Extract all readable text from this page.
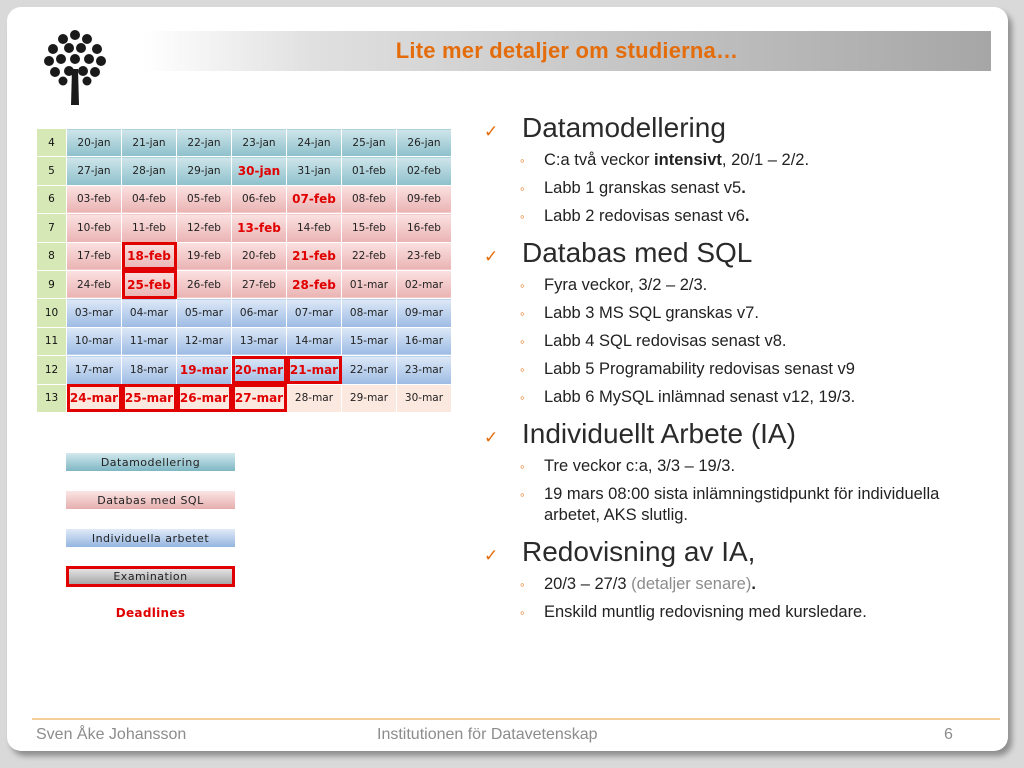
Lite mer detaljer om studierna…
4	20-jan	21-jan	22-jan	23-jan	24-jan	25-jan	26-jan
5	27-jan	28-jan	29-jan	30-jan	31-jan	01-feb	02-feb
6	03-feb	04-feb	05-feb	06-feb	07-feb	08-feb	09-feb
7	10-feb	11-feb	12-feb	13-feb	14-feb	15-feb	16-feb
8	17-feb	18-feb	19-feb	20-feb	21-feb	22-feb	23-feb
9	24-feb	25-feb	26-feb	27-feb	28-feb	01-mar	02-mar
10	03-mar	04-mar	05-mar	06-mar	07-mar	08-mar	09-mar
11	10-mar	11-mar	12-mar	13-mar	14-mar	15-mar	16-mar
12	17-mar	18-mar	19-mar	20-mar	21-mar	22-mar	23-mar
13	24-mar	25-mar	26-mar	27-mar	28-mar	29-mar	30-mar
Datamodellering
Databas med SQL
Individuella arbetet
Examination
Deadlines
✓ Datamodellering
◦ C:a två veckor intensivt, 20/1 – 2/2.
◦ Labb 1 granskas senast v5.
◦ Labb 2 redovisas senast v6.
✓ Databas med SQL
◦ Fyra veckor, 3/2 – 2/3.
◦ Labb 3 MS SQL granskas v7.
◦ Labb 4 SQL redovisas senast v8.
◦ Labb 5 Programability redovisas senast v9
◦ Labb 6 MySQL inlämnad senast v12, 19/3.
✓ Individuellt Arbete (IA)
◦ Tre veckor c:a, 3/3 – 19/3.
◦ 19 mars 08:00 sista inlämningstidpunkt för individuella arbetet, AKS slutlig.
✓ Redovisning av IA,
◦ 20/3 – 27/3 (detaljer senare).
◦ Enskild muntlig redovisning med kursledare.
Sven Åke Johansson	Institutionen för Datavetenskap	6
